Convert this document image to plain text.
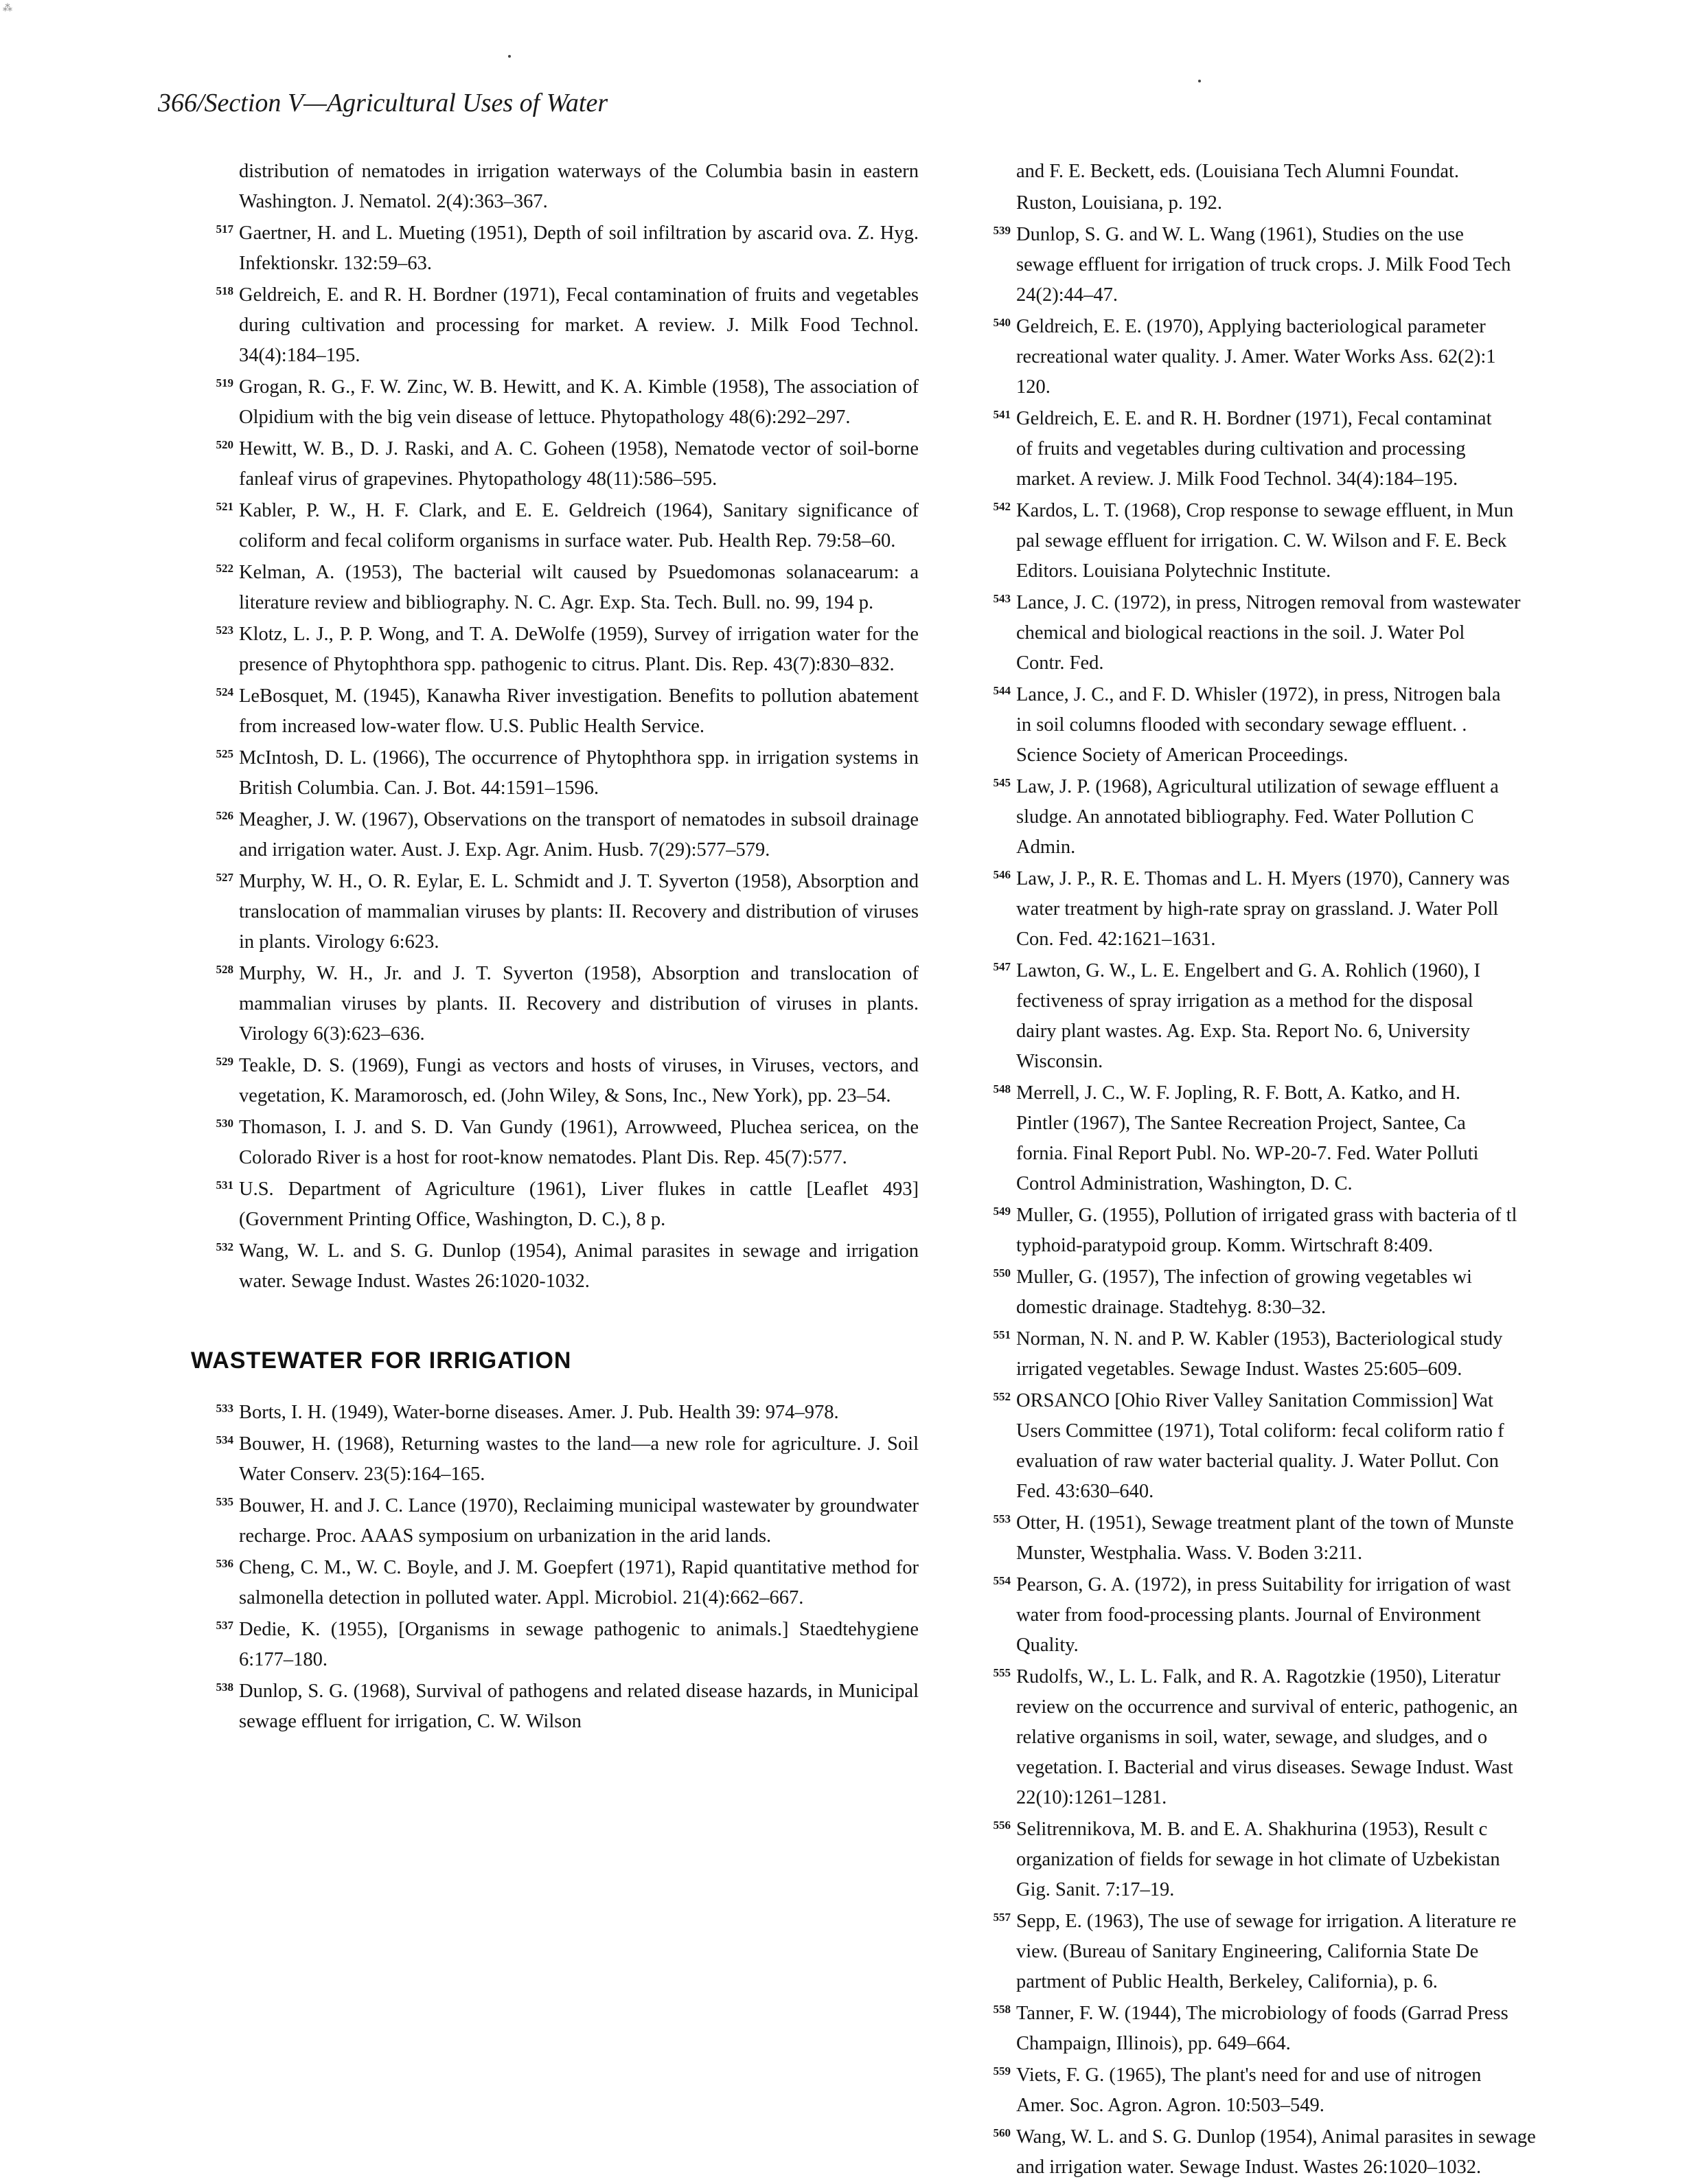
⁂
366/Section V—Agricultural Uses of Water

distribution of nematodes in irrigation waterways of the Columbia basin in eastern Washington. J. Nematol. 2(4):363–367.

517 Gaertner, H. and L. Mueting (1951), Depth of soil infiltration by ascarid ova. Z. Hyg. Infektionskr. 132:59–63.

518 Geldreich, E. and R. H. Bordner (1971), Fecal contamination of fruits and vegetables during cultivation and processing for market. A review. J. Milk Food Technol. 34(4):184–195.

519 Grogan, R. G., F. W. Zinc, W. B. Hewitt, and K. A. Kimble (1958), The association of Olpidium with the big vein disease of lettuce. Phytopathology 48(6):292–297.

520 Hewitt, W. B., D. J. Raski, and A. C. Goheen (1958), Nematode vector of soil-borne fanleaf virus of grapevines. Phytopathology 48(11):586–595.

521 Kabler, P. W., H. F. Clark, and E. E. Geldreich (1964), Sanitary significance of coliform and fecal coliform organisms in surface water. Pub. Health Rep. 79:58–60.

522 Kelman, A. (1953), The bacterial wilt caused by Psuedomonas solanacearum: a literature review and bibliography. N. C. Agr. Exp. Sta. Tech. Bull. no. 99, 194 p.

523 Klotz, L. J., P. P. Wong, and T. A. DeWolfe (1959), Survey of irrigation water for the presence of Phytophthora spp. pathogenic to citrus. Plant. Dis. Rep. 43(7):830–832.

524 LeBosquet, M. (1945), Kanawha River investigation. Benefits to pollution abatement from increased low-water flow. U.S. Public Health Service.

525 McIntosh, D. L. (1966), The occurrence of Phytophthora spp. in irrigation systems in British Columbia. Can. J. Bot. 44:1591–1596.

526 Meagher, J. W. (1967), Observations on the transport of nematodes in subsoil drainage and irrigation water. Aust. J. Exp. Agr. Anim. Husb. 7(29):577–579.

527 Murphy, W. H., O. R. Eylar, E. L. Schmidt and J. T. Syverton (1958), Absorption and translocation of mammalian viruses by plants: II. Recovery and distribution of viruses in plants. Virology 6:623.

528 Murphy, W. H., Jr. and J. T. Syverton (1958), Absorption and translocation of mammalian viruses by plants. II. Recovery and distribution of viruses in plants. Virology 6(3):623–636.

529 Teakle, D. S. (1969), Fungi as vectors and hosts of viruses, in Viruses, vectors, and vegetation, K. Maramorosch, ed. (John Wiley, & Sons, Inc., New York), pp. 23–54.

530 Thomason, I. J. and S. D. Van Gundy (1961), Arrowweed, Pluchea sericea, on the Colorado River is a host for root-know nematodes. Plant Dis. Rep. 45(7):577.

531 U.S. Department of Agriculture (1961), Liver flukes in cattle [Leaflet 493] (Government Printing Office, Washington, D. C.), 8 p.

532 Wang, W. L. and S. G. Dunlop (1954), Animal parasites in sewage and irrigation water. Sewage Indust. Wastes 26:1020-1032.

WASTEWATER FOR IRRIGATION

533 Borts, I. H. (1949), Water-borne diseases. Amer. J. Pub. Health 39: 974–978.

534 Bouwer, H. (1968), Returning wastes to the land—a new role for agriculture. J. Soil Water Conserv. 23(5):164–165.

535 Bouwer, H. and J. C. Lance (1970), Reclaiming municipal wastewater by groundwater recharge. Proc. AAAS symposium on urbanization in the arid lands.

536 Cheng, C. M., W. C. Boyle, and J. M. Goepfert (1971), Rapid quantitative method for salmonella detection in polluted water. Appl. Microbiol. 21(4):662–667.

537 Dedie, K. (1955), [Organisms in sewage pathogenic to animals.] Staedtehygiene 6:177–180.

538 Dunlop, S. G. (1968), Survival of pathogens and related disease hazards, in Municipal sewage effluent for irrigation, C. W. Wilson

and F. E. Beckett, eds. (Louisiana Tech Alumni Foundat.
Ruston, Louisiana, p. 192.
539 Dunlop, S. G. and W. L. Wang (1961), Studies on the use
sewage effluent for irrigation of truck crops. J. Milk Food Tech
24(2):44–47.
540 Geldreich, E. E. (1970), Applying bacteriological parameter
recreational water quality. J. Amer. Water Works Ass. 62(2):1
120.
541 Geldreich, E. E. and R. H. Bordner (1971), Fecal contaminat
of fruits and vegetables during cultivation and processing
market. A review. J. Milk Food Technol. 34(4):184–195.
542 Kardos, L. T. (1968), Crop response to sewage effluent, in Mun
pal sewage effluent for irrigation. C. W. Wilson and F. E. Beck
Editors. Louisiana Polytechnic Institute.
543 Lance, J. C. (1972), in press, Nitrogen removal from wastewater
chemical and biological reactions in the soil. J. Water Pol
Contr. Fed.
544 Lance, J. C., and F. D. Whisler (1972), in press, Nitrogen bala
in soil columns flooded with secondary sewage effluent. .
Science Society of American Proceedings.
545 Law, J. P. (1968), Agricultural utilization of sewage effluent a
sludge. An annotated bibliography. Fed. Water Pollution C
Admin.
546 Law, J. P., R. E. Thomas and L. H. Myers (1970), Cannery was
water treatment by high-rate spray on grassland. J. Water Poll
Con. Fed. 42:1621–1631.
547 Lawton, G. W., L. E. Engelbert and G. A. Rohlich (1960), I
fectiveness of spray irrigation as a method for the disposal
dairy plant wastes. Ag. Exp. Sta. Report No. 6, University
Wisconsin.
548 Merrell, J. C., W. F. Jopling, R. F. Bott, A. Katko, and H.
Pintler (1967), The Santee Recreation Project, Santee, Ca
fornia. Final Report Publ. No. WP-20-7. Fed. Water Polluti
Control Administration, Washington, D. C.
549 Muller, G. (1955), Pollution of irrigated grass with bacteria of tl
typhoid-paratypoid group. Komm. Wirtschraft 8:409.
550 Muller, G. (1957), The infection of growing vegetables wi
domestic drainage. Stadtehyg. 8:30–32.
551 Norman, N. N. and P. W. Kabler (1953), Bacteriological study
irrigated vegetables. Sewage Indust. Wastes 25:605–609.
552 ORSANCO [Ohio River Valley Sanitation Commission] Wat
Users Committee (1971), Total coliform: fecal coliform ratio f
evaluation of raw water bacterial quality. J. Water Pollut. Con
Fed. 43:630–640.
553 Otter, H. (1951), Sewage treatment plant of the town of Munste
Munster, Westphalia. Wass. V. Boden 3:211.
554 Pearson, G. A. (1972), in press Suitability for irrigation of wast
water from food-processing plants. Journal of Environment
Quality.
555 Rudolfs, W., L. L. Falk, and R. A. Ragotzkie (1950), Literatur
review on the occurrence and survival of enteric, pathogenic, an
relative organisms in soil, water, sewage, and sludges, and o
vegetation. I. Bacterial and virus diseases. Sewage Indust. Wast
22(10):1261–1281.
556 Selitrennikova, M. B. and E. A. Shakhurina (1953), Result c
organization of fields for sewage in hot climate of Uzbekistan
Gig. Sanit. 7:17–19.
557 Sepp, E. (1963), The use of sewage for irrigation. A literature re
view. (Bureau of Sanitary Engineering, California State De
partment of Public Health, Berkeley, California), p. 6.
558 Tanner, F. W. (1944), The microbiology of foods (Garrad Press
Champaign, Illinois), pp. 649–664.
559 Viets, F. G. (1965), The plant's need for and use of nitrogen
Amer. Soc. Agron. Agron. 10:503–549.
560 Wang, W. L. and S. G. Dunlop (1954), Animal parasites in sewage
and irrigation water. Sewage Indust. Wastes 26:1020–1032.
